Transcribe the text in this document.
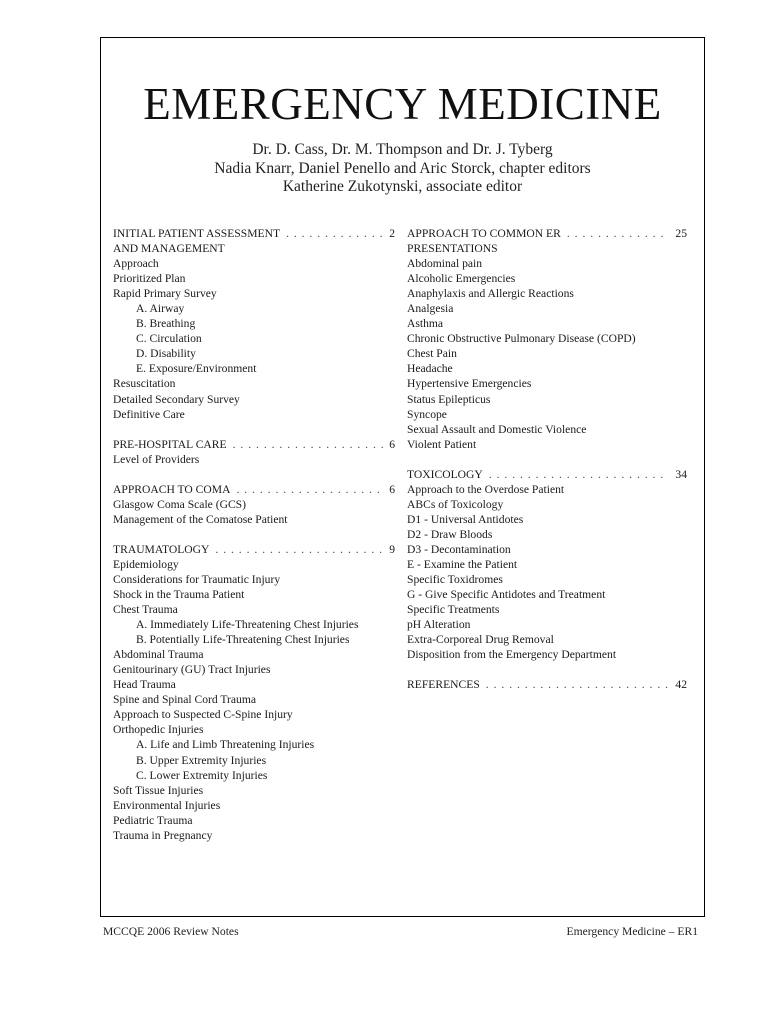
EMERGENCY MEDICINE
Dr. D. Cass, Dr. M. Thompson and Dr. J. Tyberg
Nadia Knarr, Daniel Penello and Aric Storck, chapter editors
Katherine Zukotynski, associate editor
INITIAL PATIENT ASSESSMENT . . .	2
AND MANAGEMENT
Approach
Prioritized Plan
Rapid Primary Survey
A. Airway
B. Breathing
C. Circulation
D. Disability
E. Exposure/Environment
Resuscitation
Detailed Secondary Survey
Definitive Care
PRE-HOSPITAL CARE . . .	6
Level of Providers
APPROACH TO COMA . . .	6
Glasgow Coma Scale (GCS)
Management of the Comatose Patient
TRAUMATOLOGY . . .	9
Epidemiology
Considerations for Traumatic Injury
Shock in the Trauma Patient
Chest Trauma
A. Immediately Life-Threatening Chest Injuries
B. Potentially Life-Threatening Chest Injuries
Abdominal Trauma
Genitourinary (GU) Tract Injuries
Head Trauma
Spine and Spinal Cord Trauma
Approach to Suspected C-Spine Injury
Orthopedic Injuries
A. Life and Limb Threatening Injuries
B. Upper Extremity Injuries
C. Lower Extremity Injuries
Soft Tissue Injuries
Environmental Injuries
Pediatric Trauma
Trauma in Pregnancy
APPROACH TO COMMON ER . . .	25
PRESENTATIONS
Abdominal pain
Alcoholic Emergencies
Anaphylaxis and Allergic Reactions
Analgesia
Asthma
Chronic Obstructive Pulmonary Disease (COPD)
Chest Pain
Headache
Hypertensive Emergencies
Status Epilepticus
Syncope
Sexual Assault and Domestic Violence
Violent Patient
TOXICOLOGY . . .	34
Approach to the Overdose Patient
ABCs of Toxicology
D1 - Universal Antidotes
D2 - Draw Bloods
D3 - Decontamination
E - Examine the Patient
Specific Toxidromes
G - Give Specific Antidotes and Treatment
Specific Treatments
pH Alteration
Extra-Corporeal Drug Removal
Disposition from the Emergency Department
REFERENCES . . .	42
MCCQE 2006 Review Notes	Emergency Medicine – ER1
